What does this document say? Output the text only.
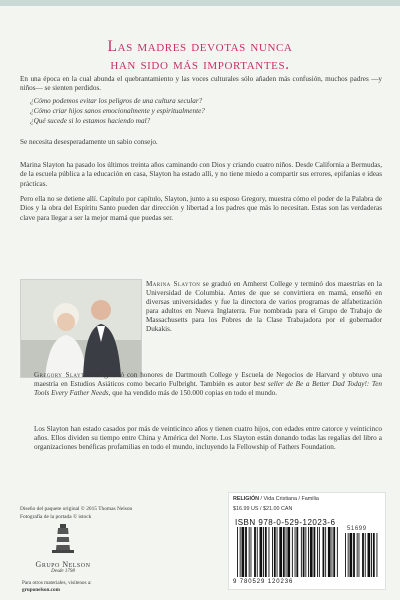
Las madres devotas nunca
han sido más importantes.

En una época en la cual abunda el quebrantamiento y las voces culturales sólo añaden más confusión, muchos padres —y niños— se sienten perdidos.

¿Cómo podemos evitar los peligros de una cultura secular?

¿Cómo criar hijos sanos emocionalmente y espiritualmente?

¿Qué sucede si lo estamos haciendo mal?

Se necesita desesperadamente un sabio consejo.

Marina Slayton ha pasado los últimos treinta años caminando con Dios y criando cuatro niños. Desde California a Bermudas, de la escuela pública a la educación en casa, Slayton ha estado allí, y no tiene miedo a compartir sus errores, epifanías e ideas prácticas.

Pero ella no se detiene allí. Capítulo por capítulo, Slayton, junto a su esposo Gregory, muestra cómo el poder de la Palabra de Dios y la obra del Espíritu Santo pueden dar dirección y libertad a los padres que más lo necesitan. Estas son las verdaderas clave para llegar a ser la mejor mamá que puedas ser.

Marina Slayton se graduó en Amherst College y terminó dos maestrías en la Universidad de Columbia. Antes de que se convirtiera en mamá, enseñó en diversas universidades y fue la directora de varios programas de alfabetización para adultos en Nueva Inglaterra. Fue nombrada para el Grupo de Trabajo de Massachusetts para los Pobres de la Clase Trabajadora por el gobernador Dukakis.

Gregory Slayton se graduó con honores de Dartmouth College y Escuela de Negocios de Harvard y obtuvo una maestría en Estudios Asiáticos como becario Fulbright. También es autor best seller de Be a Better Dad Today!: Ten Tools Every Father Needs, que ha vendido más de 150.000 copias en todo el mundo.

Los Slayton han estado casados por más de veinticinco años y tienen cuatro hijos, con edades entre catorce y veinticinco años. Ellos dividen su tiempo entre China y América del Norte. Los Slayton están donando todas las regalías del libro a organizaciones benéficas profamilias en todo el mundo, incluyendo la Fellowship of Fathers Foundation.

Diseño del paquete original © 2015 Thomas Nelson
Fotografía de la portada © istock
Grupo Nelson
Desde 1798
Para otros materiales, visítenos a:
gruponelson.com
RELIGIÓN / Vida Cristiana / Familia
$16.99 US / $21.00 CAN
ISBN 978-0-529-12023-6
51699
9 780529 120236
